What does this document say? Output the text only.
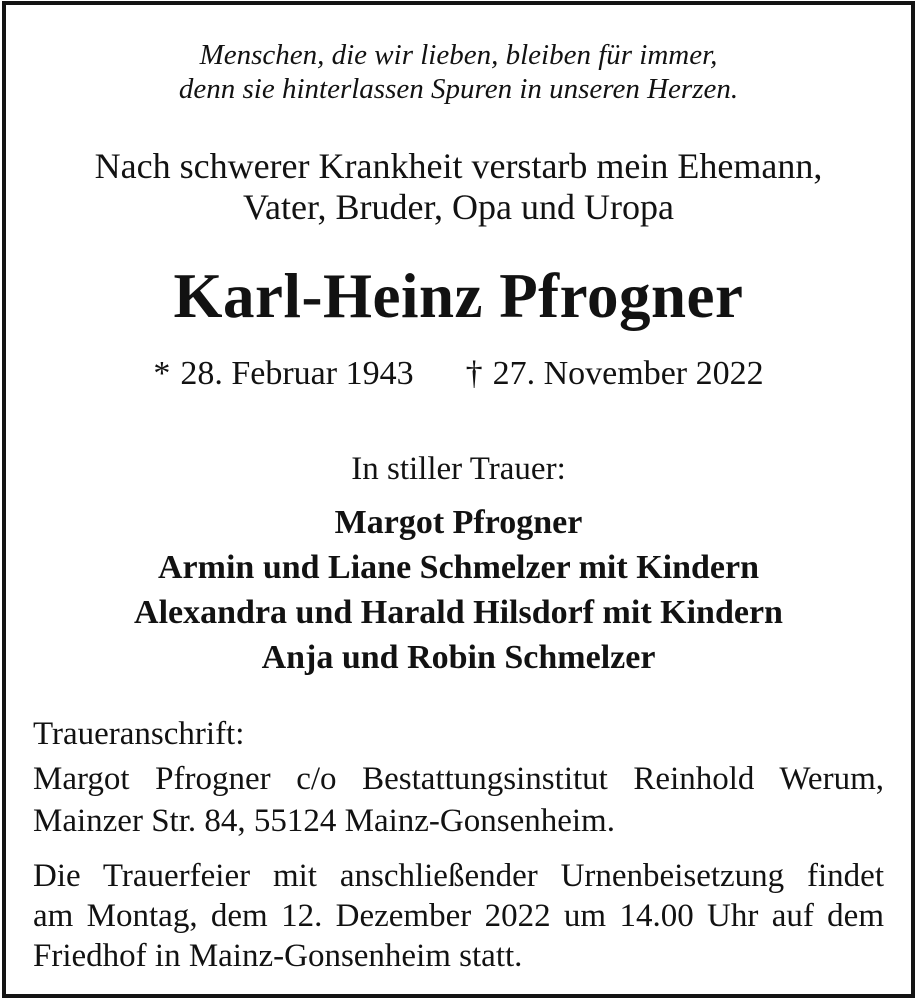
Menschen, die wir lieben, bleiben für immer,
denn sie hinterlassen Spuren in unseren Herzen.
Nach schwerer Krankheit verstarb mein Ehemann,
Vater, Bruder, Opa und Uropa
Karl-Heinz Pfrogner
* 28. Februar 1943 † 27. November 2022
In stiller Trauer:
Margot Pfrogner
Armin und Liane Schmelzer mit Kindern
Alexandra und Harald Hilsdorf mit Kindern
Anja und Robin Schmelzer
Traueranschrift:
Margot Pfrogner c/o Bestattungsinstitut Reinhold Werum,
Mainzer Str. 84, 55124 Mainz-Gonsenheim.
Die Trauerfeier mit anschließender Urnenbeisetzung findet
am Montag, dem 12. Dezember 2022 um 14.00 Uhr auf dem
Friedhof in Mainz-Gonsenheim statt.
